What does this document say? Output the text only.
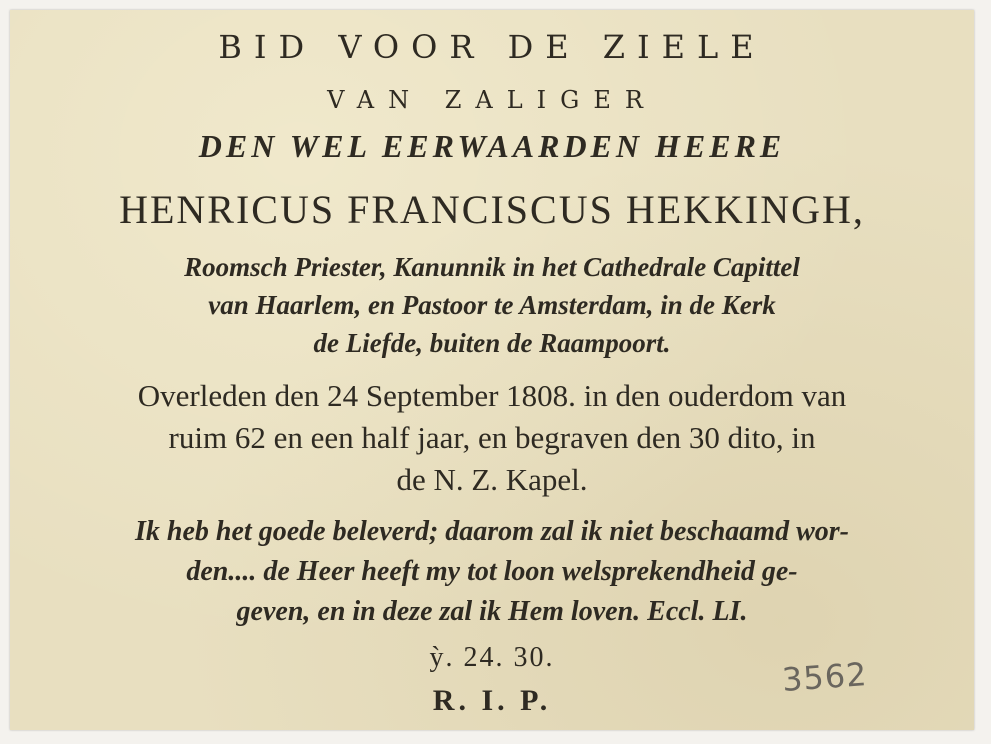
BID VOOR DE ZIELE
VAN ZALIGER
DEN WEL EERWAARDEN HEERE
HENRICUS FRANCISCUS HEKKINGH,
Roomsch Priester, Kanunnik in het Cathedrale Capittel
van Haarlem, en Pastoor te Amsterdam, in de Kerk
de Liefde, buiten de Raampoort.
Overleden den 24 September 1808. in den ouderdom van
ruim 62 en een half jaar, en begraven den 30 dito, in
de N. Z. Kapel.
Ik heb het goede beleverd; daarom zal ik niet beschaamd wor-
den.... de Heer heeft my tot loon welsprekendheid ge-
geven, en in deze zal ik Hem loven. Eccl. LI.
ỳ. 24. 30.
R. I. P.
3562
